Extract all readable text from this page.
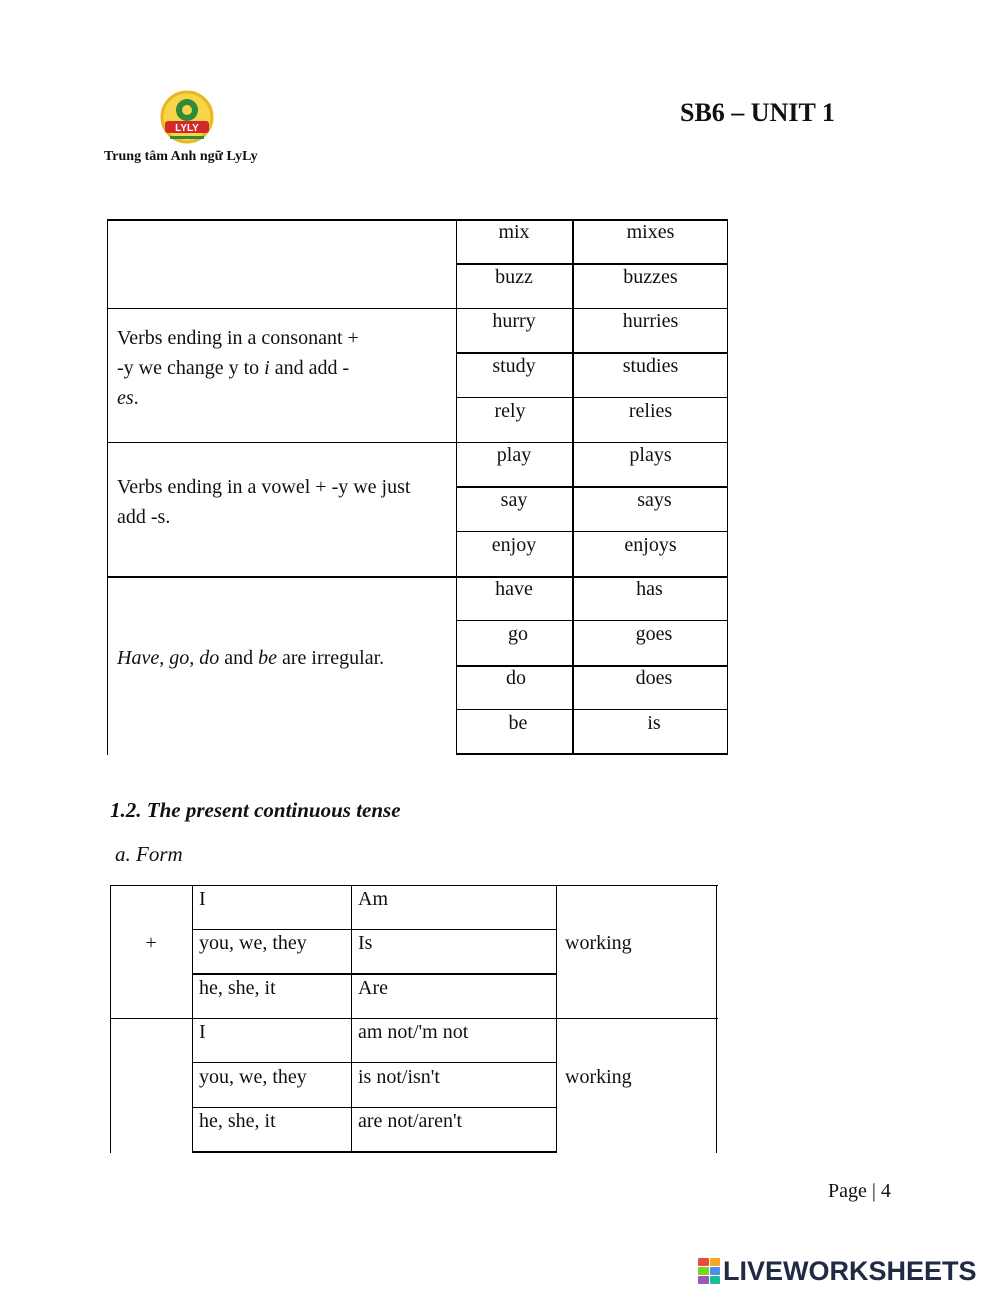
LYLY
Trung tâm Anh ngữ LyLy
SB6 – UNIT 1
mix	mixes
buzz	buzzes
Verbs ending in a consonant +
-y we change y to i and add -
es.
hurry	hurries
study	studies
rely	relies
Verbs ending in a vowel + -y we just
add -s.
play	plays
say	says
enjoy	enjoys
Have, go, do and be are irregular.
have	has
go	goes
do	does
be	is
1.2. The present continuous tense
a. Form
+
I	Am
you, we, they	Is
he, she, it	Are
working
I	am not/'m not
you, we, they	is not/isn't
he, she, it	are not/aren't
working
Page | 4
LIVEWORKSHEETS
